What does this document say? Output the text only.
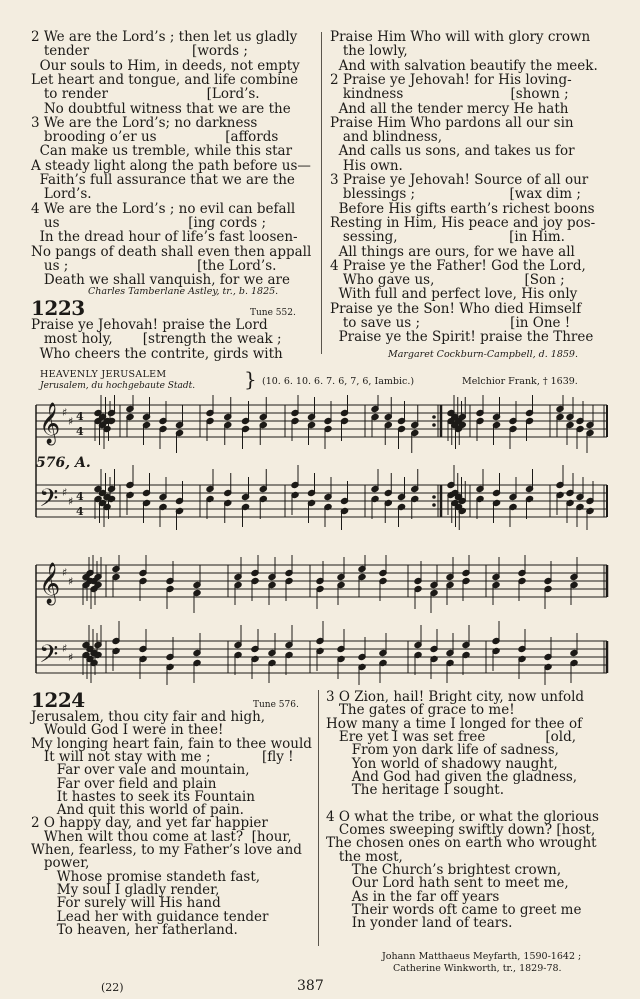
2 We are the Lord’s ; then let us gladly
tender                        [words ;
Our souls to Him, in deeds, not empty
Let heart and tongue, and life combine
to render                       [Lord’s.
No doubtful witness that we are the
3 We are the Lord’s; no darkness
brooding o’er us                [affords
Can make us tremble, while this star
A steady light along the path before us—
Faith’s full assurance that we are the
Lord’s.
4 We are the Lord’s ; no evil can befall
us                              [ing cords ;
In the dread hour of life’s fast loosen-
No pangs of death shall even then appall
us ;                              [the Lord’s.
Death we shall vanquish, for we are
Charles Tamberlane Astley, tr., b. 1825.
1223	Tune 552.
Praise ye Jehovah! praise the Lord
most holy,       [strength the weak ;
Who cheers the contrite, girds with
Praise Him Who will with glory crown
the lowly,
And with salvation beautify the meek.
2 Praise ye Jehovah! for His loving-
kindness                         [shown ;
And all the tender mercy He hath
Praise Him Who pardons all our sin
and blindness,
And calls us sons, and takes us for
His own.
3 Praise ye Jehovah! Source of all our
blessings ;                      [wax dim ;
Before His gifts earth’s richest boons
Resting in Him, His peace and joy pos-
sessing,                          [in Him.
All things are ours, for we have all
4 Praise ye the Father! God the Lord,
Who gave us,                     [Son ;
With full and perfect love, His only
Praise ye the Son! Who died Himself
to save us ;                     [in One !
Praise ye the Spirit! praise the Three
Margaret Cockburn-Campbell, d. 1859.
HEAVENLY JERUSALEM
Jerusalem, du hochgebaute Stadt. } (10. 6. 10. 6. 7. 6, 7, 6, Iambic.)	Melchior Frank, † 1639.
𝄞
𝄢
♯
♯
♯
♯
4
4
4
4
576, A.
𝄞
𝄢
♯
♯
♯
♯
1224	Tune 576.
Jerusalem, thou city fair and high,
Would God I were in thee!
My longing heart fain, fain to thee would
It will not stay with me ;            [fly !
Far over vale and mountain,
Far over field and plain
It hastes to seek its Fountain
And quit this world of pain.
2 O happy day, and yet far happier
When wilt thou come at last?  [hour,
When, fearless, to my Father’s love and
power,
Whose promise standeth fast,
My soul I gladly render,
For surely will His hand
Lead her with guidance tender
To heaven, her fatherland.
3 O Zion, hail! Bright city, now unfold
The gates of grace to me!
How many a time I longed for thee of
Ere yet I was set free              [old,
From yon dark life of sadness,
Yon world of shadowy naught,
And God had given the gladness,
The heritage I sought.
4 O what the tribe, or what the glorious
Comes sweeping swiftly down? [host,
The chosen ones on earth who wrought
the most,
The Church’s brightest crown,
Our Lord hath sent to meet me,
As in the far off years
Their words oft came to greet me
In yonder land of tears.
Johann Matthaeus Meyfarth, 1590-1642 ;
Catherine Winkworth, tr., 1829-78.
(22)	387
